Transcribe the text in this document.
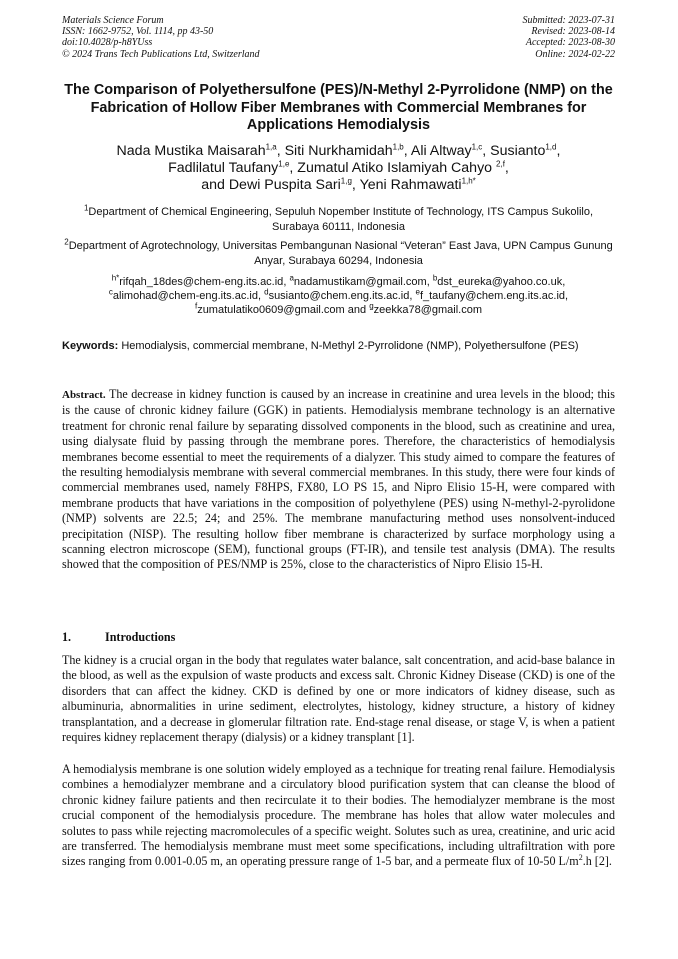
Materials Science Forum
ISSN: 1662-9752, Vol. 1114, pp 43-50
doi:10.4028/p-h8YUss
© 2024 Trans Tech Publications Ltd, Switzerland
Submitted: 2023-07-31
Revised: 2023-08-14
Accepted: 2023-08-30
Online: 2024-02-22
The Comparison of Polyethersulfone (PES)/N-Methyl 2-Pyrrolidone (NMP) on the Fabrication of Hollow Fiber Membranes with Commercial Membranes for Applications Hemodialysis
Nada Mustika Maisarah$^{1,a}$, Siti Nurkhamidah$^{1,b}$, Ali Altway$^{1,c}$, Susianto$^{1,d}$,
Fadlilatul Taufany$^{1,e}$, Zumatul Atiko Islamiyah Cahyo $^{2,f}$,
and Dewi Puspita Sari$^{1,g}$, Yeni Rahmawati$^{1,h*}$
$^1$Department of Chemical Engineering, Sepuluh Nopember Institute of Technology, ITS Campus Sukolilo, Surabaya 60111, Indonesia
$^2$Department of Agrotechnology, Universitas Pembangunan Nasional “Veteran” East Java, UPN Campus Gunung Anyar, Surabaya 60294, Indonesia
$^{h*}$rifqah_18des@chem-eng.its.ac.id, $^a$nadamustikam@gmail.com, $^b$dst_eureka@yahoo.co.uk,
$^c$alimohad@chem-eng.its.ac.id, $^d$susianto@chem.eng.its.ac.id, $^e$f_taufany@chem.eng.its.ac.id,
$^f$zumatulatiko0609@gmail.com and $^g$zeekka78@gmail.com
Keywords: Hemodialysis, commercial membrane, N-Methyl 2-Pyrrolidone (NMP), Polyethersulfone (PES)
Abstract. The decrease in kidney function is caused by an increase in creatinine and urea levels in the blood; this is the cause of chronic kidney failure (GGK) in patients. Hemodialysis membrane technology is an alternative treatment for chronic renal failure by separating dissolved components in the blood, such as creatinine and urea, using dialysate fluid by passing through the membrane pores. Therefore, the characteristics of hemodialysis membranes become essential to meet the requirements of a dialyzer. This study aimed to compare the features of the resulting hemodialysis membrane with several commercial membranes. In this study, there were four kinds of commercial membranes used, namely F8HPS, FX80, LO PS 15, and Nipro Elisio 15-H, were compared with membrane products that have variations in the composition of polyethylene (PES) using N-methyl-2-pyrolidone (NMP) solvents are 22.5; 24; and 25%. The membrane manufacturing method uses nonsolvent-induced precipitation (NISP). The resulting hollow fiber membrane is characterized by surface morphology using a scanning electron microscope (SEM), functional groups (FT-IR), and tensile test analysis (DMA). The results showed that the composition of PES/NMP is 25%, close to the characteristics of Nipro Elisio 15-H.
1.	Introductions

The kidney is a crucial organ in the body that regulates water balance, salt concentration, and acid-base balance in the blood, as well as the expulsion of waste products and excess salt. Chronic Kidney Disease (CKD) is one of the disorders that can affect the kidney. CKD is defined by one or more indicators of kidney disease, such as albuminuria, abnormalities in urine sediment, electrolytes, histology, kidney structure, a history of kidney transplantation, and a decrease in glomerular filtration rate. End-stage renal disease, or stage V, is when a patient requires kidney replacement therapy (dialysis) or a kidney transplant [1].

A hemodialysis membrane is one solution widely employed as a technique for treating renal failure. Hemodialysis combines a hemodialyzer membrane and a circulatory blood purification system that can cleanse the blood of chronic kidney failure patients and then recirculate it to their bodies. The hemodialyzer membrane is the most crucial component of the hemodialysis procedure. The membrane has holes that allow water molecules and solutes to pass while rejecting macromolecules of a specific weight. Solutes such as urea, creatinine, and uric acid are transferred. The hemodialysis membrane must meet some specifications, including ultrafiltration with pore sizes ranging from 0.001-0.05 m, an operating pressure range of 1-5 bar, and a permeate flux of 10-50 $L/m^2.h$ [2].
